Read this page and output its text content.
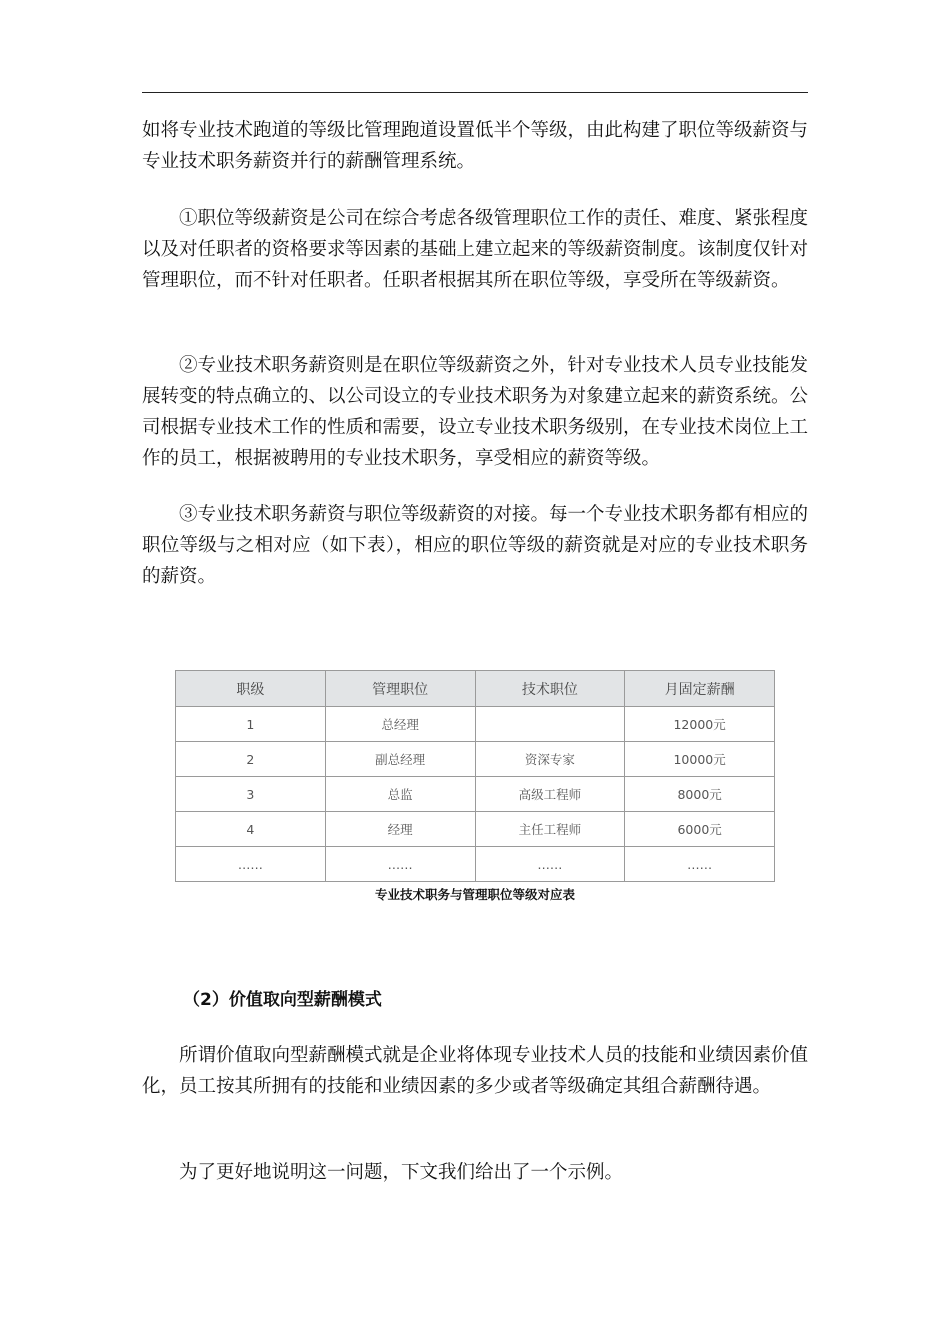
如将专业技术跑道的等级比管理跑道设置低半个等级，由此构建了职位等级薪资与专业技术职务薪资并行的薪酬管理系统。

①职位等级薪资是公司在综合考虑各级管理职位工作的责任、难度、紧张程度以及对任职者的资格要求等因素的基础上建立起来的等级薪资制度。该制度仅针对管理职位，而不针对任职者。任职者根据其所在职位等级，享受所在等级薪资。

②专业技术职务薪资则是在职位等级薪资之外，针对专业技术人员专业技能发展转变的特点确立的、以公司设立的专业技术职务为对象建立起来的薪资系统。公司根据专业技术工作的性质和需要，设立专业技术职务级别，在专业技术岗位上工作的员工，根据被聘用的专业技术职务，享受相应的薪资等级。

③专业技术职务薪资与职位等级薪资的对接。每一个专业技术职务都有相应的职位等级与之相对应（如下表），相应的职位等级的薪资就是对应的专业技术职务的薪资。

职级	管理职位	技术职位	月固定薪酬
1	总经理		12000元
2	副总经理	资深专家	10000元
3	总监	高级工程师	8000元
4	经理	主任工程师	6000元
……	……	……	……
专业技术职务与管理职位等级对应表
（2）价值取向型薪酬模式

所谓价值取向型薪酬模式就是企业将体现专业技术人员的技能和业绩因素价值化，员工按其所拥有的技能和业绩因素的多少或者等级确定其组合薪酬待遇。

为了更好地说明这一问题，下文我们给出了一个示例。
